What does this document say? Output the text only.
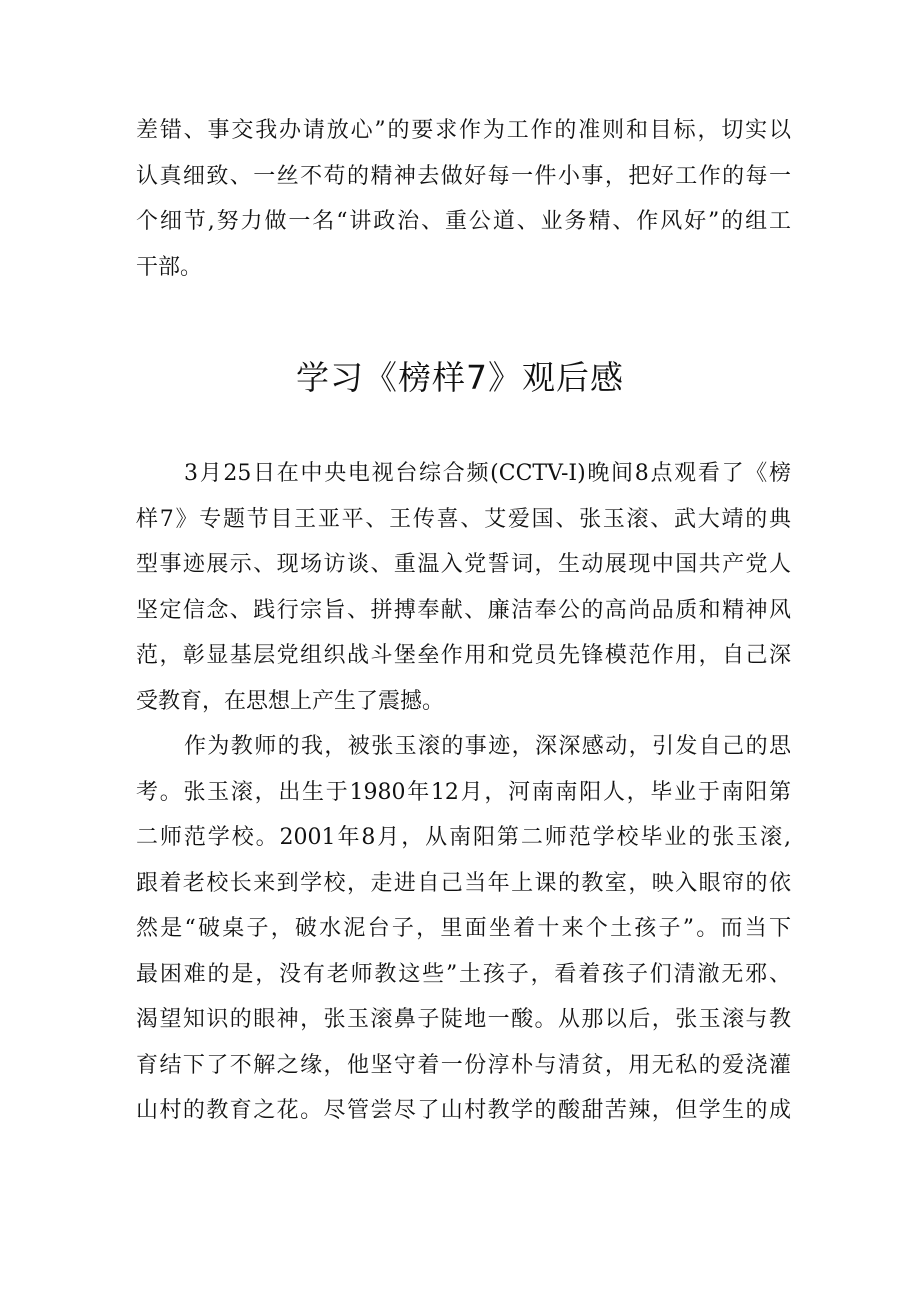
差错、事交我办请放心”的要求作为工作的准则和目标，切实以
认真细致、一丝不苟的精神去做好每一件小事，把好工作的每一
个细节,努力做一名“讲政治、重公道、业务精、作风好”的组工
干部。
学习《榜样7》观后感
3月25日在中央电视台综合频(CCTV-I)晚间8点观看了《榜
样7》专题节目王亚平、王传喜、艾爱国、张玉滚、武大靖的典
型事迹展示、现场访谈、重温入党誓词，生动展现中国共产党人
坚定信念、践行宗旨、拼搏奉献、廉洁奉公的高尚品质和精神风
范，彰显基层党组织战斗堡垒作用和党员先锋模范作用，自己深
受教育，在思想上产生了震撼。
作为教师的我，被张玉滚的事迹，深深感动，引发自己的思
考。张玉滚，出生于1980年12月，河南南阳人，毕业于南阳第
二师范学校。2001年8月，从南阳第二师范学校毕业的张玉滚,
跟着老校长来到学校，走进自己当年上课的教室，映入眼帘的依
然是“破桌子，破水泥台子，里面坐着十来个土孩子”。而当下
最困难的是，没有老师教这些”土孩子，看着孩子们清澈无邪、
渴望知识的眼神，张玉滚鼻子陡地一酸。从那以后，张玉滚与教
育结下了不解之缘，他坚守着一份淳朴与清贫，用无私的爱浇灌
山村的教育之花。尽管尝尽了山村教学的酸甜苦辣，但学生的成
